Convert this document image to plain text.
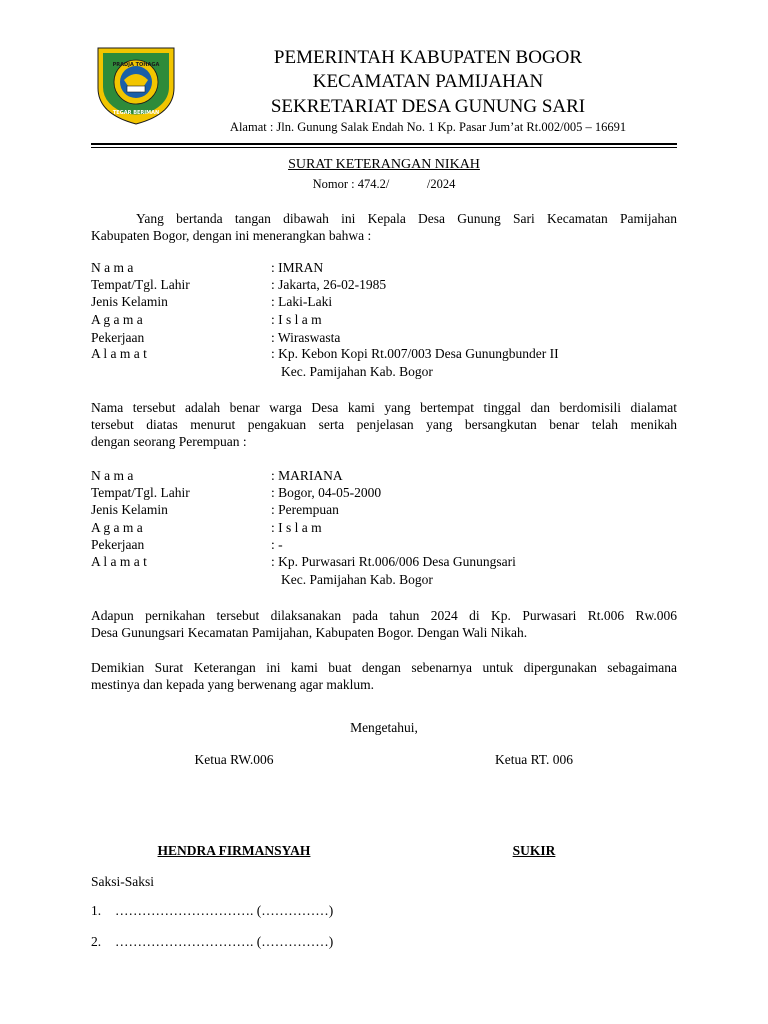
PRADJA TOHAGA
TEGAR BERIMAN
PEMERINTAH KABUPATEN BOGOR
KECAMATAN PAMIJAHAN
SEKRETARIAT DESA GUNUNG SARI
Alamat : Jln. Gunung Salak Endah No. 1 Kp. Pasar Jum’at Rt.002/005 – 16691
SURAT KETERANGAN NIKAH
Nomor : 474.2/            /2024
Yang bertanda tangan dibawah ini Kepala Desa Gunung Sari Kecamatan Pamijahan
Kabupaten Bogor, dengan ini menerangkan bahwa :
N a m a	: IMRAN
Tempat/Tgl. Lahir	: Jakarta, 26-02-1985
Jenis Kelamin	: Laki-Laki
A g a m a	: I s l a m
Pekerjaan	: Wiraswasta
A l a m a t	: Kp. Kebon Kopi Rt.007/003 Desa Gunungbunder II
Kec. Pamijahan Kab. Bogor
Nama tersebut adalah benar warga Desa kami yang bertempat tinggal dan berdomisili dialamat
tersebut diatas menurut pengakuan serta penjelasan yang bersangkutan benar telah menikah
dengan seorang Perempuan :
N a m a	: MARIANA
Tempat/Tgl. Lahir	: Bogor, 04-05-2000
Jenis Kelamin	: Perempuan
A g a m a	: I s l a m
Pekerjaan	: -
A l a m a t	: Kp. Purwasari Rt.006/006 Desa Gunungsari
Kec. Pamijahan Kab. Bogor
Adapun pernikahan tersebut dilaksanakan pada tahun 2024 di Kp. Purwasari Rt.006 Rw.006
Desa Gunungsari Kecamatan Pamijahan, Kabupaten Bogor. Dengan Wali Nikah.
Demikian Surat Keterangan ini kami buat dengan sebenarnya untuk dipergunakan sebagaimana
mestinya dan kepada yang berwenang agar maklum.
Mengetahui,
Ketua RW.006	Ketua RT. 006
HENDRA FIRMANSYAH	SUKIR
Saksi-Saksi
1. …………………………. (……………)
2. …………………………. (……………)
